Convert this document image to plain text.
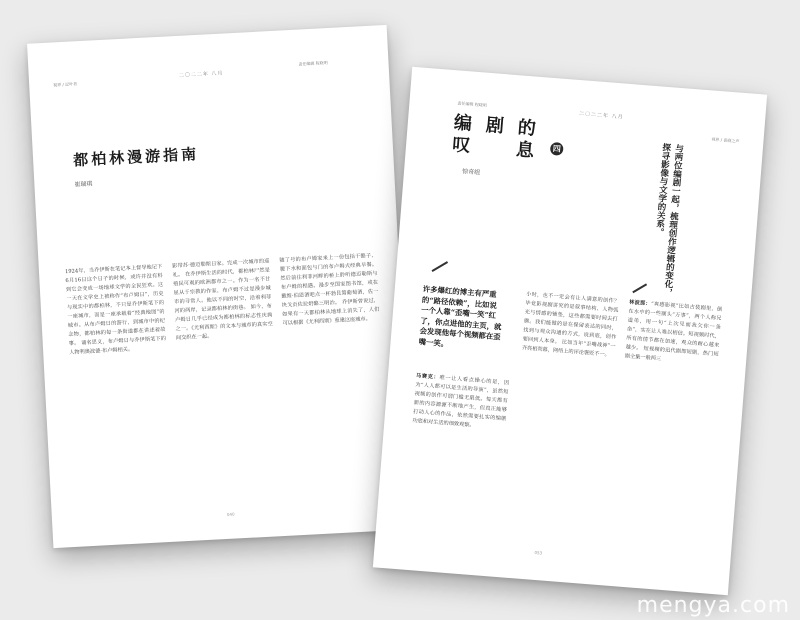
視界 / 記叶者
二〇二二年 八月
责任编辑 程晓明
都柏林漫游指南
崔瑞琪
1924年，当乔伊斯在笔记本上督导地记下6月16日这个日子的时候，或许并没有料到它会变成一场地球文学的全民狂欢。这一天在文学史上被称作“布卢姆日”，历史与现实中的都柏林，不只是乔伊斯笔下的一座城市，而是一座承载着“经典地图”的城市。从布卢姆日的游行，到城市中的纪念物，都柏林的每一条街道都在讲述着故事。 诵名思义，布卢姆日与乔伊斯笔下的人物利奥波德·布卢姆相关。
影带苏·德迈勒斯日家。完成一次城市的巡礼。 在乔伊斯生活的时代，都柏林尸然是殖民可观的欧洲都市之一。作为一名不甘屈从于宗教的作家，布卢姆不过是漫步城市的寻常人。他以不同的时空，沿着利菲河的两岸，记录都柏林的街巷。 如今，布卢姆日几乎已经成为都柏林的标志性庆典之一。《尤利西斯》的文本与城市的真实空间交织在一起。
随了号的布卢姆家来上一份包括干酪子、腰下水和面包与门的布卢姆式经典早餐。然后前往利菲河畔的桥上聆听德迈勒斯与布卢姆的相遇。漫步至国家图书馆，或在戴维·伯恩酒吧点一杯勃艮第葡萄酒，佐一块戈贡佐拉奶酪三明治。 乔伊斯曾说过，如果有一天都柏林从地球上消失了，人们可以根据《尤利西斯》重建这座城市。
040
责任编辑 程晓明
二〇二二年 八月
视界 / 喜剧之声
编 剧 的
叹 息	四
惊奇组	与两位编剧一起，梳理创作逻辑的变化，探寻影像与文学的关系。
马赛克：唯一让人看点操心的是，因为“人人都可以是生活的导演”，虽然短视频的创作可谓门槛无限低。每天都有新的内容源源不断地产生，但真正能够打动人心的作品，依然需要扎实的编剧功底和对生活的细致观察。
小时，也不一定会有让人满意的创作？毕竟影视剧讲究的是叙事结构、人物弧光与情感的铺垫，这些都需要时间去打磨。我们能做的是在保留表达的同时，找到与观众沟通的方式，说到底，创作要回到人本身。 比如当年“歪嘴战神”一齐亮相荧幕，网络上的评论褒贬不一。
林波那：“爽感影视”比如古装剧里，倒在水中的一些额头“万事”，两个人称兄道弟，用一句“上次见面我欠你一条命”，实在让人难以相信。短视频时代，所有的情节都在加速，观众的耐心越来越少。 短视频的迅代剧即短剧，热门短剧全集一般两三
许多爆红的博主有严重的“路径依赖”，比如说一个人靠“歪嘴一笑”红了，你点进他的主页，就会发现他每个视频都在歪嘴一笑。
053
mengya.com
